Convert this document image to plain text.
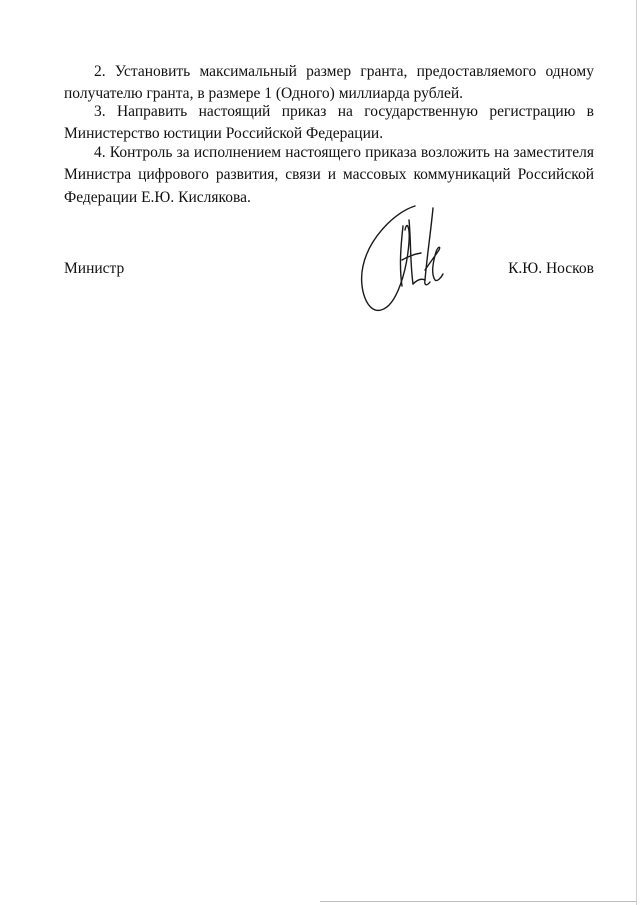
2. Установить максимальный размер гранта, предоставляемого одному получателю гранта, в размере 1 (Одного) миллиарда рублей.

3. Направить настоящий приказ на государственную регистрацию в Министерство юстиции Российской Федерации.

4. Контроль за исполнением настоящего приказа возложить на заместителя Министра цифрового развития, связи и массовых коммуникаций Российской Федерации Е.Ю. Кислякова.

Министр	К.Ю. Носков
